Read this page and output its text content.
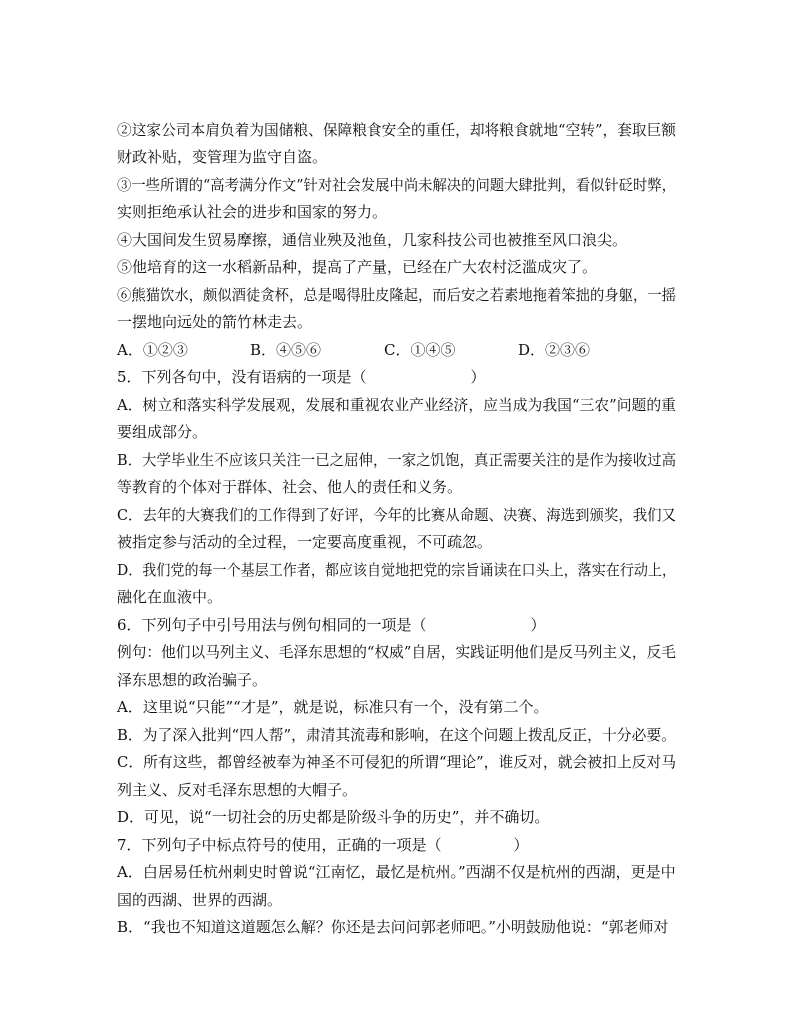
②这家公司本肩负着为国储粮、保障粮食安全的重任，却将粮食就地“空转”，套取巨额
财政补贴，变管理为监守自盗。
③一些所谓的“高考满分作文”针对社会发展中尚未解决的问题大肆批判，看似针砭时弊，
实则拒绝承认社会的进步和国家的努力。
④大国间发生贸易摩擦，通信业殃及池鱼，几家科技公司也被推至风口浪尖。
⑤他培育的这一水稻新品种，提高了产量，已经在广大农村泛滥成灾了。
⑥熊猫饮水，颇似酒徒贪杯，总是喝得肚皮隆起，而后安之若素地拖着笨拙的身躯，一摇
一摆地向远处的箭竹林走去。
A．①②③	B．④⑤⑥	C．①④⑤	D．②③⑥
5．下列各句中，没有语病的一项是（	）
A．树立和落实科学发展观，发展和重视农业产业经济，应当成为我国“三农”问题的重
要组成部分。
B．大学毕业生不应该只关注一已之屈伸，一家之饥饱，真正需要关注的是作为接收过高
等教育的个体对于群体、社会、他人的责任和义务。
C．去年的大赛我们的工作得到了好评，今年的比赛从命题、决赛、海选到颁奖，我们又
被指定参与活动的全过程，一定要高度重视，不可疏忽。
D．我们党的每一个基层工作者，都应该自觉地把党的宗旨诵读在口头上，落实在行动上，
融化在血液中。
6．下列句子中引号用法与例句相同的一项是（	）
例句：他们以马列主义、毛泽东思想的“权威”自居，实践证明他们是反马列主义，反毛
泽东思想的政治骗子。
A．这里说“只能”“才是”，就是说，标准只有一个，没有第二个。
B．为了深入批判“四人帮”，肃清其流毒和影响，在这个问题上拨乱反正，十分必要。
C．所有这些，都曾经被奉为神圣不可侵犯的所谓“理论”，谁反对，就会被扣上反对马
列主义、反对毛泽东思想的大帽子。
D．可见，说“一切社会的历史都是阶级斗争的历史”，并不确切。
7．下列句子中标点符号的使用，正确的一项是（	）
A．白居易任杭州刺史时曾说“江南忆，最忆是杭州。”西湖不仅是杭州的西湖，更是中
国的西湖、世界的西湖。
B．“我也不知道这道题怎么解？你还是去问问郭老师吧。”小明鼓励他说：“郭老师对
